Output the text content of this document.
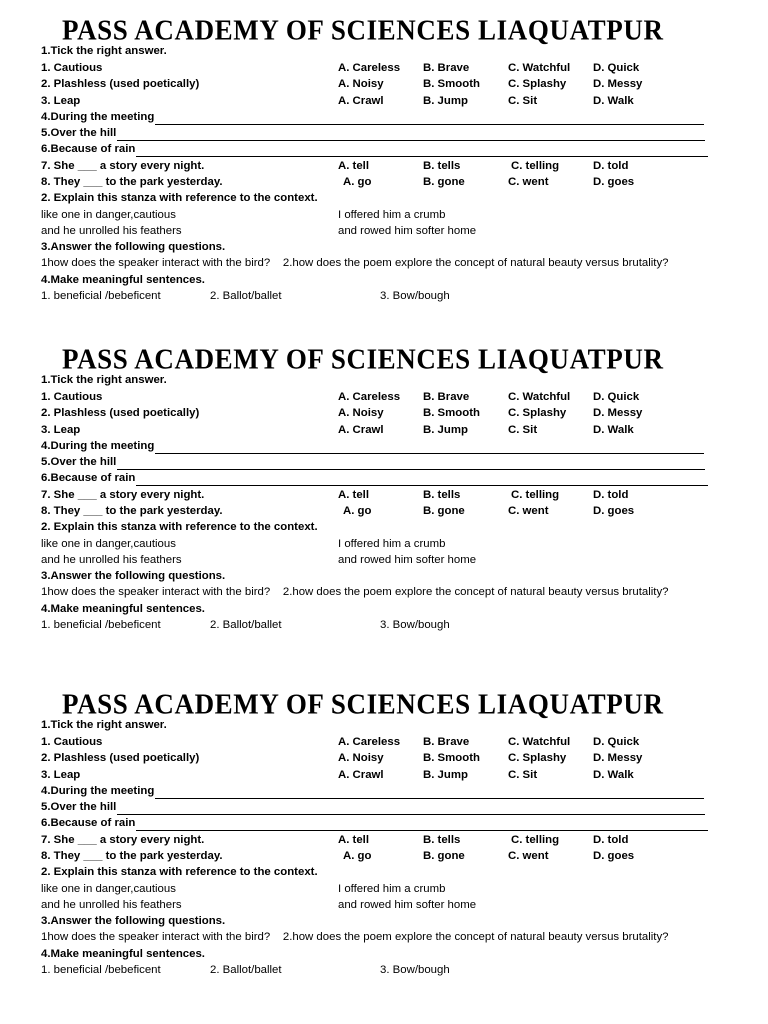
PASS ACADEMY OF SCIENCES LIAQUATPUR
1.Tick the right answer.
1. Cautious	A. Careless B. Brave	C. Watchful D. Quick
2. Plashless (used poetically)	A. Noisy	B. Smooth C. Splashy D. Messy
3. Leap	A. Crawl	B. Jump	C. Sit	D. Walk
4.During the meeting
5.Over the hill
6.Because of rain
7. She ___ a story every night.	A. tell	B. tells	C. telling	D. told
8. They ___ to the park yesterday.	A. go	B. gone	C. went	D. goes
2. Explain this stanza with reference to the context.
like one in danger,cautious	I offered him a crumb
and he unrolled his feathers	and rowed him softer home
3.Answer the following questions.
1how does the speaker interact with the bird?    2.how does the poem explore the concept of natural beauty versus brutality?
4.Make meaningful sentences.
1. beneficial /bebeficent	2. Ballot/ballet	3. Bow/bough
PASS ACADEMY OF SCIENCES LIAQUATPUR
1.Tick the right answer.
1. Cautious	A. Careless B. Brave	C. Watchful D. Quick
2. Plashless (used poetically)	A. Noisy	B. Smooth C. Splashy D. Messy
3. Leap	A. Crawl	B. Jump	C. Sit	D. Walk
4.During the meeting
5.Over the hill
6.Because of rain
7. She ___ a story every night.	A. tell	B. tells	C. telling	D. told
8. They ___ to the park yesterday.	A. go	B. gone	C. went	D. goes
2. Explain this stanza with reference to the context.
like one in danger,cautious	I offered him a crumb
and he unrolled his feathers	and rowed him softer home
3.Answer the following questions.
1how does the speaker interact with the bird?    2.how does the poem explore the concept of natural beauty versus brutality?
4.Make meaningful sentences.
1. beneficial /bebeficent	2. Ballot/ballet	3. Bow/bough
PASS ACADEMY OF SCIENCES LIAQUATPUR
1.Tick the right answer.
1. Cautious	A. Careless B. Brave	C. Watchful D. Quick
2. Plashless (used poetically)	A. Noisy	B. Smooth C. Splashy D. Messy
3. Leap	A. Crawl	B. Jump	C. Sit	D. Walk
4.During the meeting
5.Over the hill
6.Because of rain
7. She ___ a story every night.	A. tell	B. tells	C. telling	D. told
8. They ___ to the park yesterday.	A. go	B. gone	C. went	D. goes
2. Explain this stanza with reference to the context.
like one in danger,cautious	I offered him a crumb
and he unrolled his feathers	and rowed him softer home
3.Answer the following questions.
1how does the speaker interact with the bird?    2.how does the poem explore the concept of natural beauty versus brutality?
4.Make meaningful sentences.
1. beneficial /bebeficent	2. Ballot/ballet	3. Bow/bough
